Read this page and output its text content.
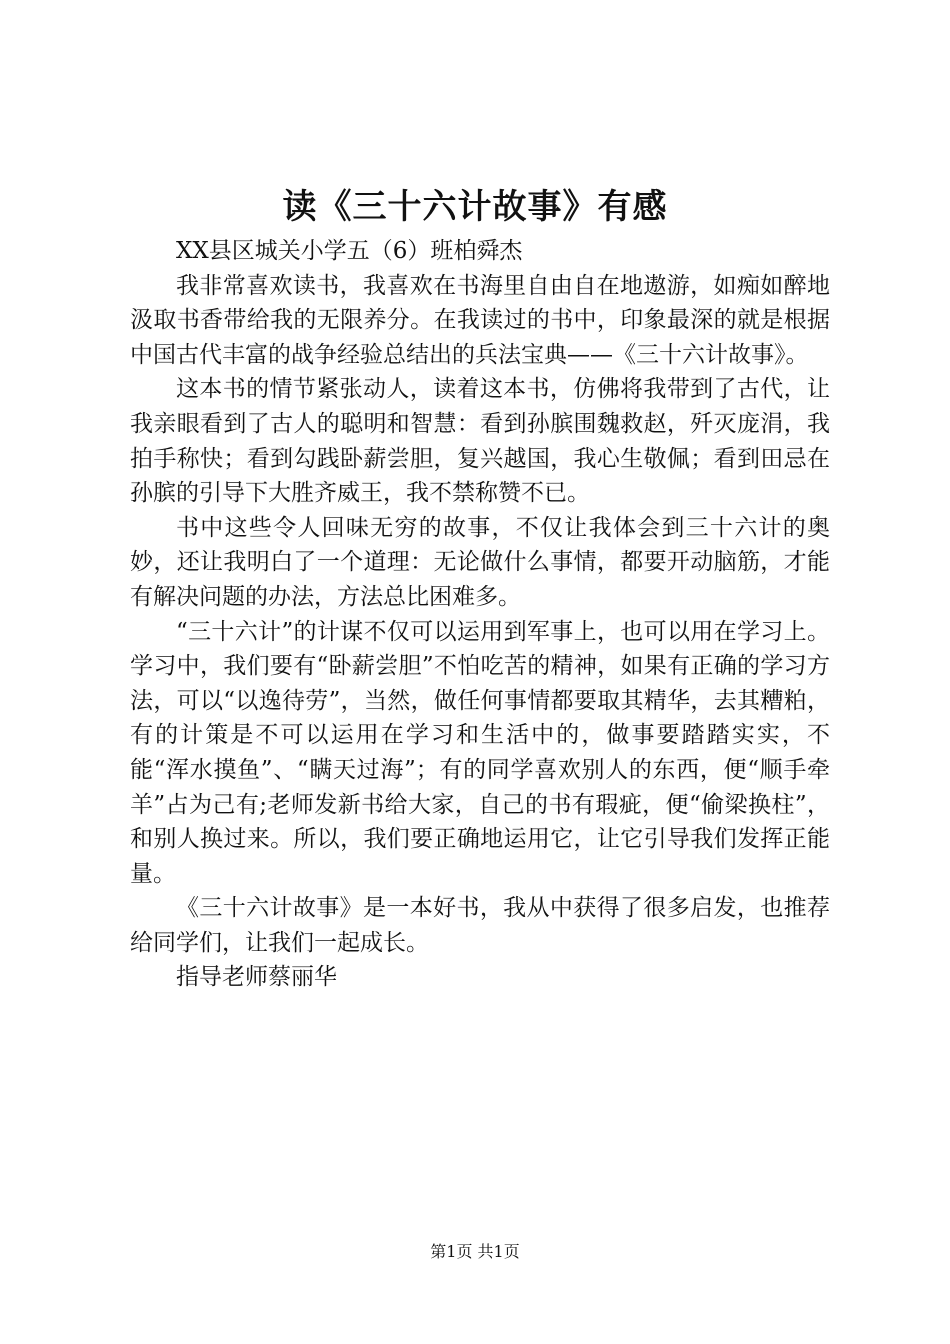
读《三十六计故事》有感

XX县区城关小学五（6）班柏舜杰

我非常喜欢读书，我喜欢在书海里自由自在地遨游，如痴如醉地汲取书香带给我的无限养分。在我读过的书中，印象最深的就是根据中国古代丰富的战争经验总结出的兵法宝典——《三十六计故事》。

这本书的情节紧张动人，读着这本书，仿佛将我带到了古代，让我亲眼看到了古人的聪明和智慧：看到孙膑围魏救赵，歼灭庞涓，我拍手称快；看到勾践卧薪尝胆，复兴越国，我心生敬佩；看到田忌在孙膑的引导下大胜齐威王，我不禁称赞不已。

书中这些令人回味无穷的故事，不仅让我体会到三十六计的奥妙，还让我明白了一个道理：无论做什么事情，都要开动脑筋，才能有解决问题的办法，方法总比困难多。

“三十六计”的计谋不仅可以运用到军事上，也可以用在学习上。学习中，我们要有“卧薪尝胆”不怕吃苦的精神，如果有正确的学习方法，可以“以逸待劳”，当然，做任何事情都要取其精华，去其糟粕，有的计策是不可以运用在学习和生活中的，做事要踏踏实实，不能“浑水摸鱼”、“瞒天过海”；有的同学喜欢别人的东西，便“顺手牵羊”占为己有;老师发新书给大家，自己的书有瑕疵，便“偷梁换柱”，和别人换过来。所以，我们要正确地运用它，让它引导我们发挥正能量。

《三十六计故事》是一本好书，我从中获得了很多启发，也推荐给同学们，让我们一起成长。

指导老师蔡丽华

第1页 共1页
